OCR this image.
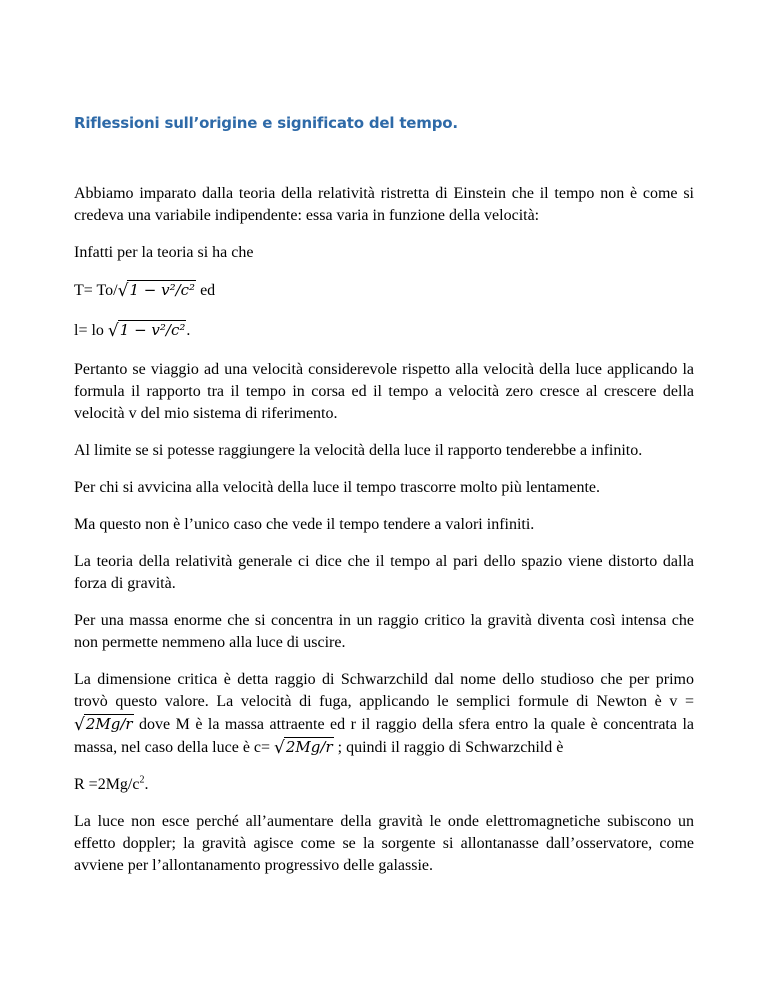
Riflessioni sull’origine e significato del tempo.

Abbiamo imparato dalla teoria della relatività ristretta di Einstein che il tempo non è come si credeva una variabile indipendente: essa varia in funzione della velocità:

Infatti per la teoria si ha che

T= To/√1 − v²/c² ed

l= lo √1 − v²/c².

Pertanto se viaggio ad una velocità considerevole rispetto alla velocità della luce applicando la formula il rapporto tra il tempo in corsa ed il tempo a velocità zero cresce al crescere della velocità v del mio sistema di riferimento.

Al limite se si potesse raggiungere la velocità della luce il rapporto tenderebbe a infinito.

Per chi si avvicina alla velocità della luce il tempo trascorre molto più lentamente.

Ma questo non è l’unico caso che vede il tempo tendere a valori infiniti.

La teoria della relatività generale ci dice che il tempo al pari dello spazio viene distorto dalla forza di gravità.

Per una massa enorme che si concentra in un raggio critico la gravità diventa così intensa che non permette nemmeno alla luce di uscire.

La dimensione critica è detta raggio di Schwarzchild dal nome dello studioso che per primo trovò questo valore. La velocità di fuga, applicando le semplici formule di Newton è v =√2Mg/r dove M è la massa attraente ed r il raggio della sfera entro la quale è concentrata la massa, nel caso della luce è c= √2Mg/r ; quindi il raggio di Schwarzchild è

$R =2Mg/c^2$.

La luce non esce perché all’aumentare della gravità le onde elettromagnetiche subiscono un effetto doppler; la gravità agisce come se la sorgente si allontanasse dall’osservatore, come avviene per l’allontanamento progressivo delle galassie.
